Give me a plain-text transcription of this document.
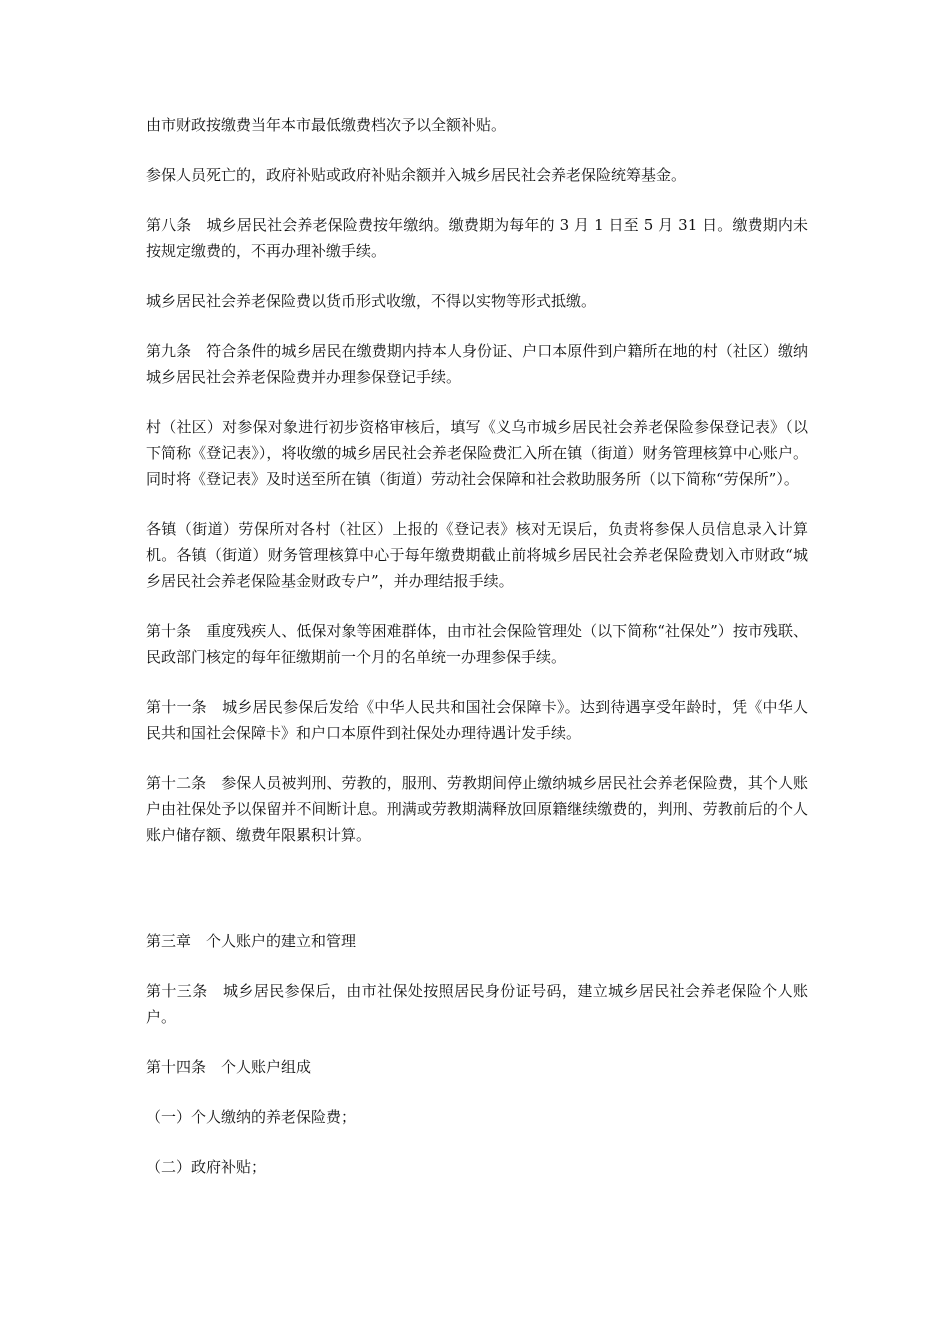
由市财政按缴费当年本市最低缴费档次予以全额补贴。

参保人员死亡的，政府补贴或政府补贴余额并入城乡居民社会养老保险统筹基金。

第八条　城乡居民社会养老保险费按年缴纳。缴费期为每年的 3 月 1 日至 5 月 31 日。缴费期内未按规定缴费的，不再办理补缴手续。

城乡居民社会养老保险费以货币形式收缴，不得以实物等形式抵缴。

第九条　符合条件的城乡居民在缴费期内持本人身份证、户口本原件到户籍所在地的村（社区）缴纳城乡居民社会养老保险费并办理参保登记手续。

村（社区）对参保对象进行初步资格审核后，填写《义乌市城乡居民社会养老保险参保登记表》（以下简称《登记表》），将收缴的城乡居民社会养老保险费汇入所在镇（街道）财务管理核算中心账户。同时将《登记表》及时送至所在镇（街道）劳动社会保障和社会救助服务所（以下简称“劳保所”）。

各镇（街道）劳保所对各村（社区）上报的《登记表》核对无误后，负责将参保人员信息录入计算机。各镇（街道）财务管理核算中心于每年缴费期截止前将城乡居民社会养老保险费划入市财政“城乡居民社会养老保险基金财政专户”，并办理结报手续。

第十条　重度残疾人、低保对象等困难群体，由市社会保险管理处（以下简称“社保处”）按市残联、民政部门核定的每年征缴期前一个月的名单统一办理参保手续。

第十一条　城乡居民参保后发给《中华人民共和国社会保障卡》。达到待遇享受年龄时，凭《中华人民共和国社会保障卡》和户口本原件到社保处办理待遇计发手续。

第十二条　参保人员被判刑、劳教的，服刑、劳教期间停止缴纳城乡居民社会养老保险费，其个人账户由社保处予以保留并不间断计息。刑满或劳教期满释放回原籍继续缴费的，判刑、劳教前后的个人账户储存额、缴费年限累积计算。

第三章　个人账户的建立和管理

第十三条　城乡居民参保后，由市社保处按照居民身份证号码，建立城乡居民社会养老保险个人账户。

第十四条　个人账户组成

（一）个人缴纳的养老保险费；

（二）政府补贴；
